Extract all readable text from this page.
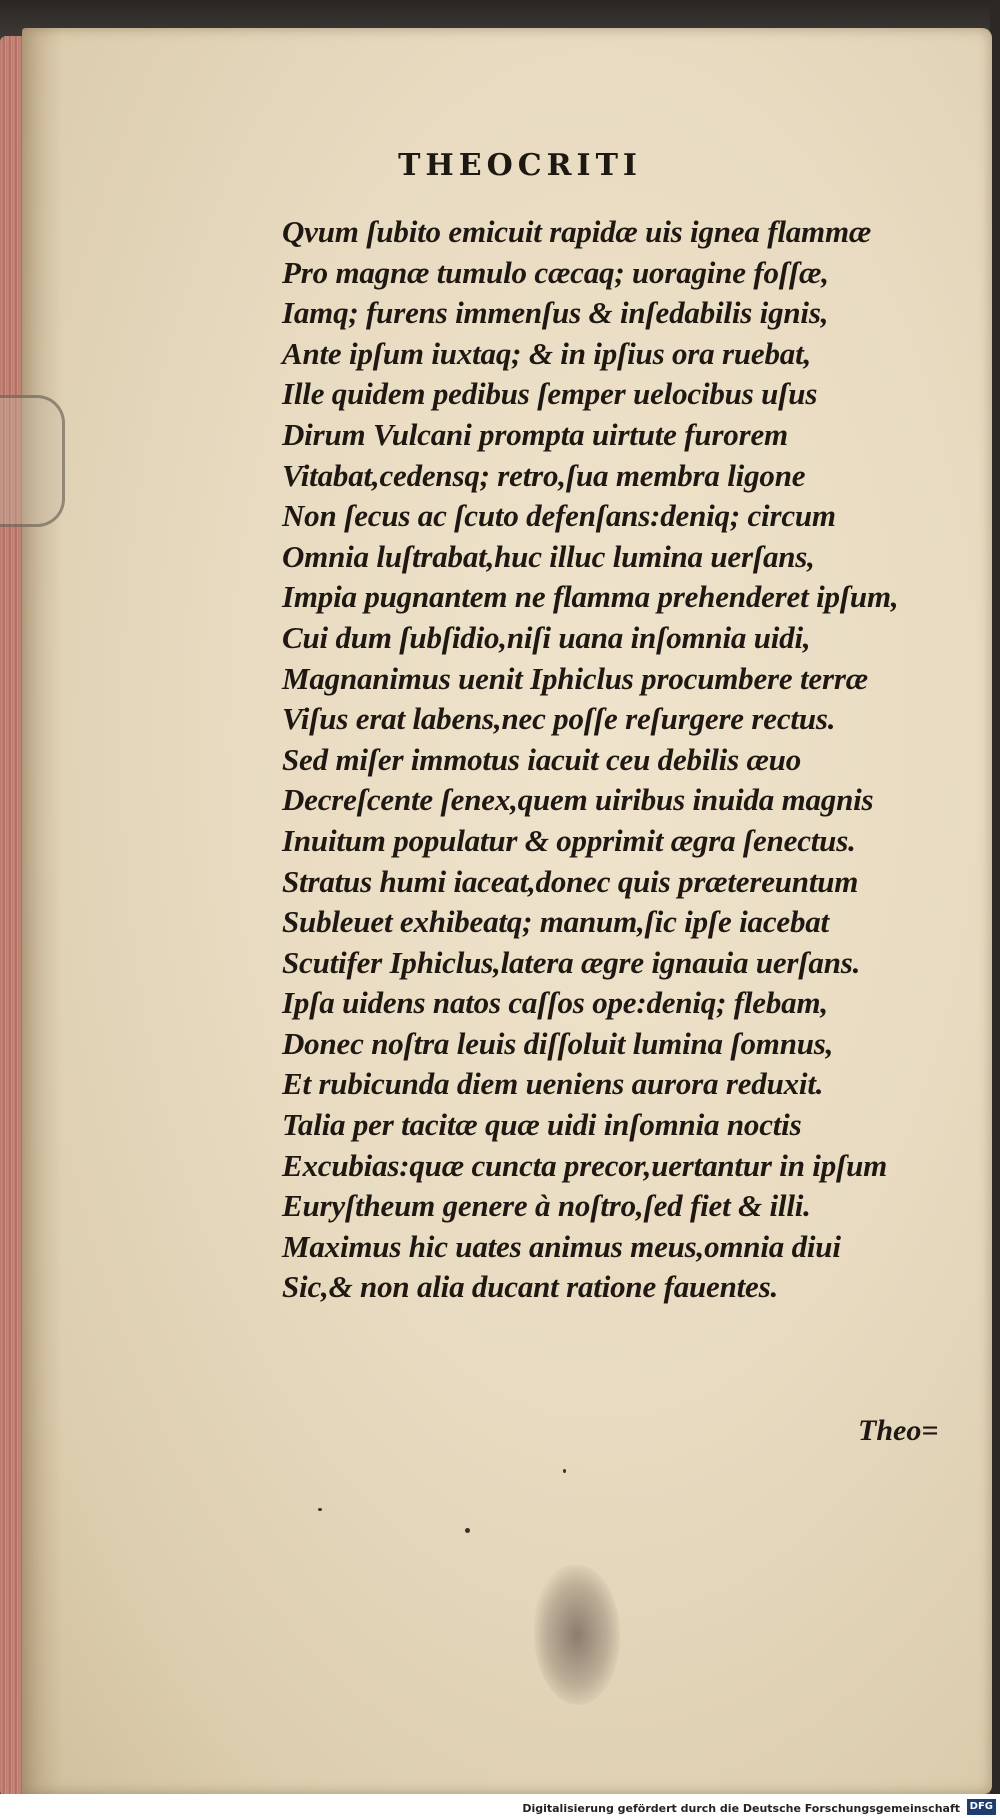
THEOCRITI
Qvum ſubito emicuit rapidæ uis ignea flammæ
Pro magnæ tumulo cæcaq; uoragine foſſæ,
Iamq; furens immenſus & inſedabilis ignis,
Ante ipſum iuxtaq; & in ipſius ora ruebat,
Ille quidem pedibus ſemper uelocibus uſus
Dirum Vulcani prompta uirtute furorem
Vitabat,cedensq; retro,ſua membra ligone
Non ſecus ac ſcuto defenſans:deniq; circum
Omnia luſtrabat,huc illuc lumina uerſans,
Impia pugnantem ne flamma prehenderet ipſum,
Cui dum ſubſidio,niſi uana inſomnia uidi,
Magnanimus uenit Iphiclus procumbere terræ
Viſus erat labens,nec poſſe reſurgere rectus.
Sed miſer immotus iacuit ceu debilis æuo
Decreſcente ſenex,quem uiribus inuida magnis
Inuitum populatur & opprimit ægra ſenectus.
Stratus humi iaceat,donec quis prætereuntum
Subleuet exhibeatq; manum,ſic ipſe iacebat
Scutifer Iphiclus,latera ægre ignauia uerſans.
Ipſa uidens natos caſſos ope:deniq; flebam,
Donec noſtra leuis diſſoluit lumina ſomnus,
Et rubicunda diem ueniens aurora reduxit.
Talia per tacitæ quæ uidi inſomnia noctis
Excubias:quæ cuncta precor,uertantur in ipſum
Euryſtheum genere à noſtro,ſed fiet & illi.
Maximus hic uates animus meus,omnia diui
Sic,& non alia ducant ratione fauentes.
Theo=
Digitalisierung gefördert durch die Deutsche Forschungsgemeinschaft DFG
